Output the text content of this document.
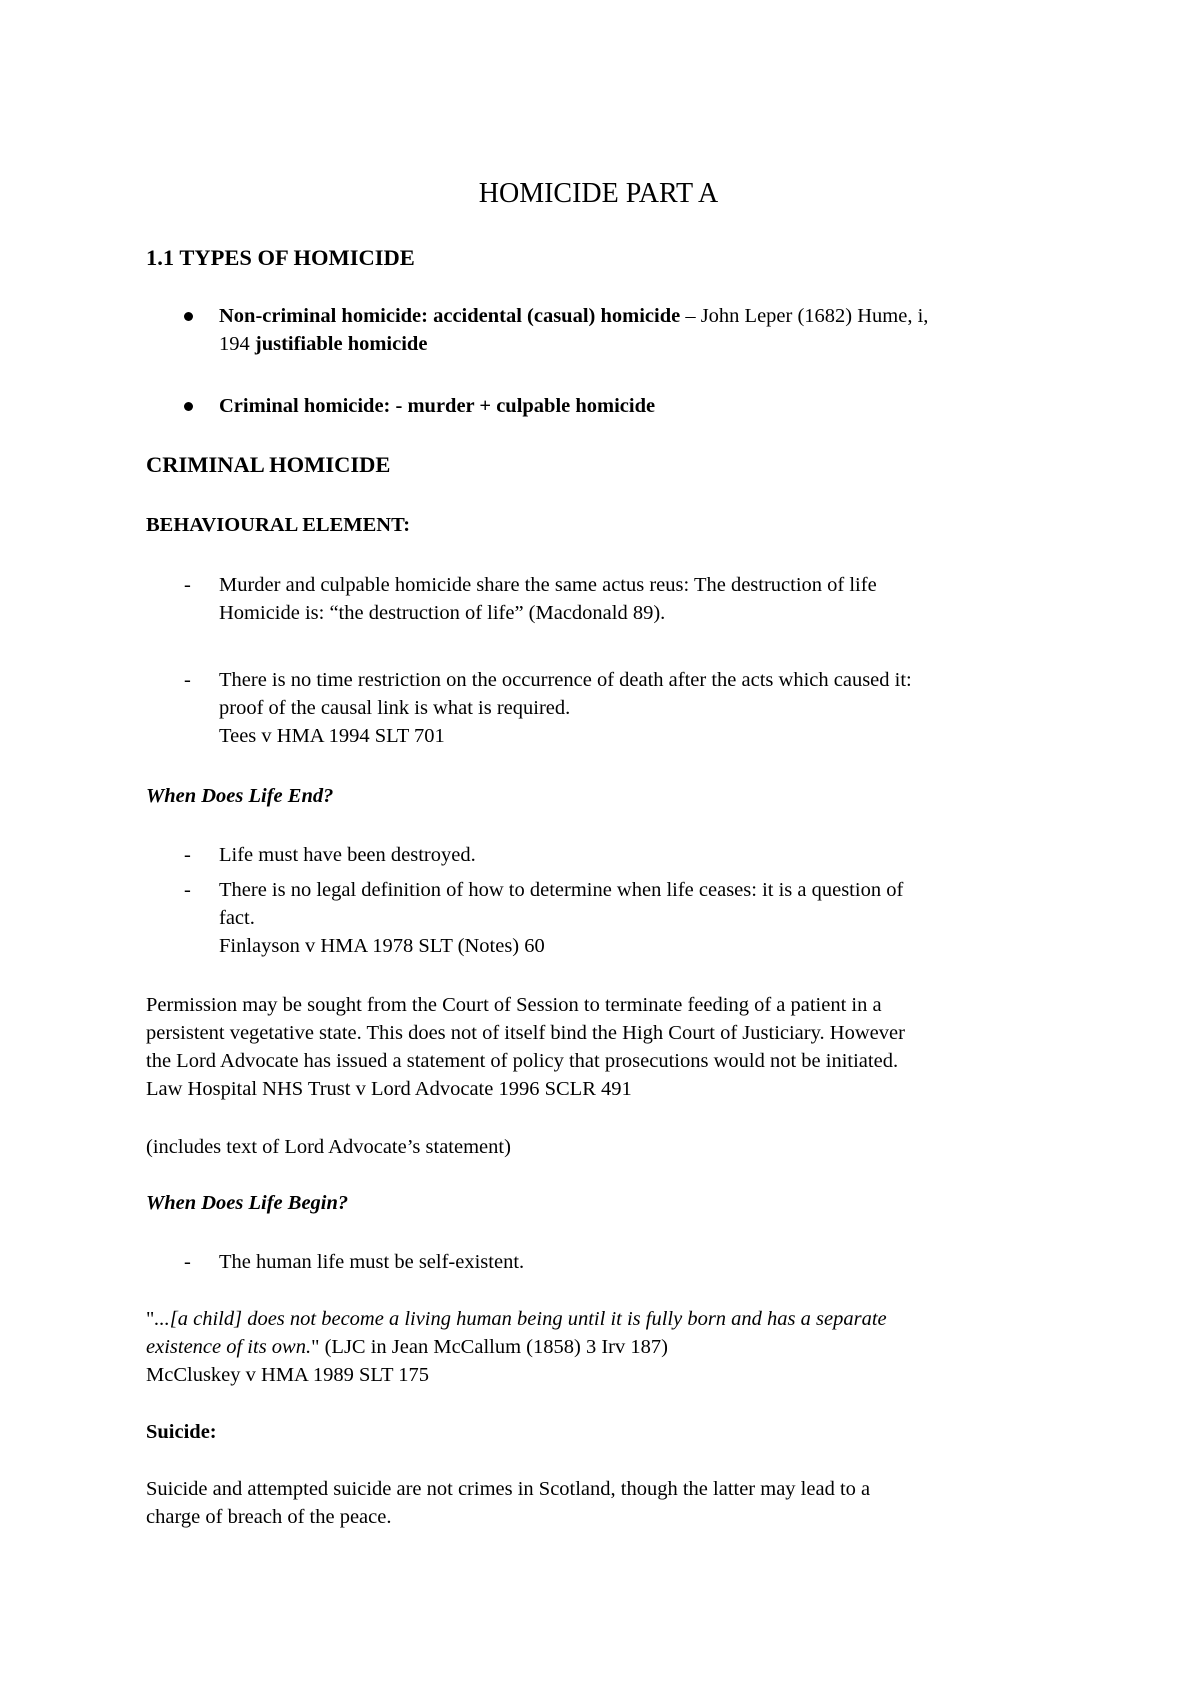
HOMICIDE PART A
1.1 TYPES OF HOMICIDE
Non-criminal homicide: accidental (casual) homicide – John Leper (1682) Hume, i,
194 justifiable homicide
Criminal homicide: - murder + culpable homicide
CRIMINAL HOMICIDE
BEHAVIOURAL ELEMENT:
-	Murder and culpable homicide share the same actus reus: The destruction of life
Homicide is: “the destruction of life” (Macdonald 89).
-	There is no time restriction on the occurrence of death after the acts which caused it:
proof of the causal link is what is required.
Tees v HMA 1994 SLT 701
When Does Life End?
-	Life must have been destroyed.
-	There is no legal definition of how to determine when life ceases: it is a question of
fact.
Finlayson v HMA 1978 SLT (Notes) 60
Permission may be sought from the Court of Session to terminate feeding of a patient in a
persistent vegetative state. This does not of itself bind the High Court of Justiciary. However
the Lord Advocate has issued a statement of policy that prosecutions would not be initiated.
Law Hospital NHS Trust v Lord Advocate 1996 SCLR 491
(includes text of Lord Advocate’s statement)
When Does Life Begin?
-	The human life must be self-existent.
"...[a child] does not become a living human being until it is fully born and has a separate
existence of its own." (LJC in Jean McCallum (1858) 3 Irv 187)
McCluskey v HMA 1989 SLT 175
Suicide:
Suicide and attempted suicide are not crimes in Scotland, though the latter may lead to a
charge of breach of the peace.
